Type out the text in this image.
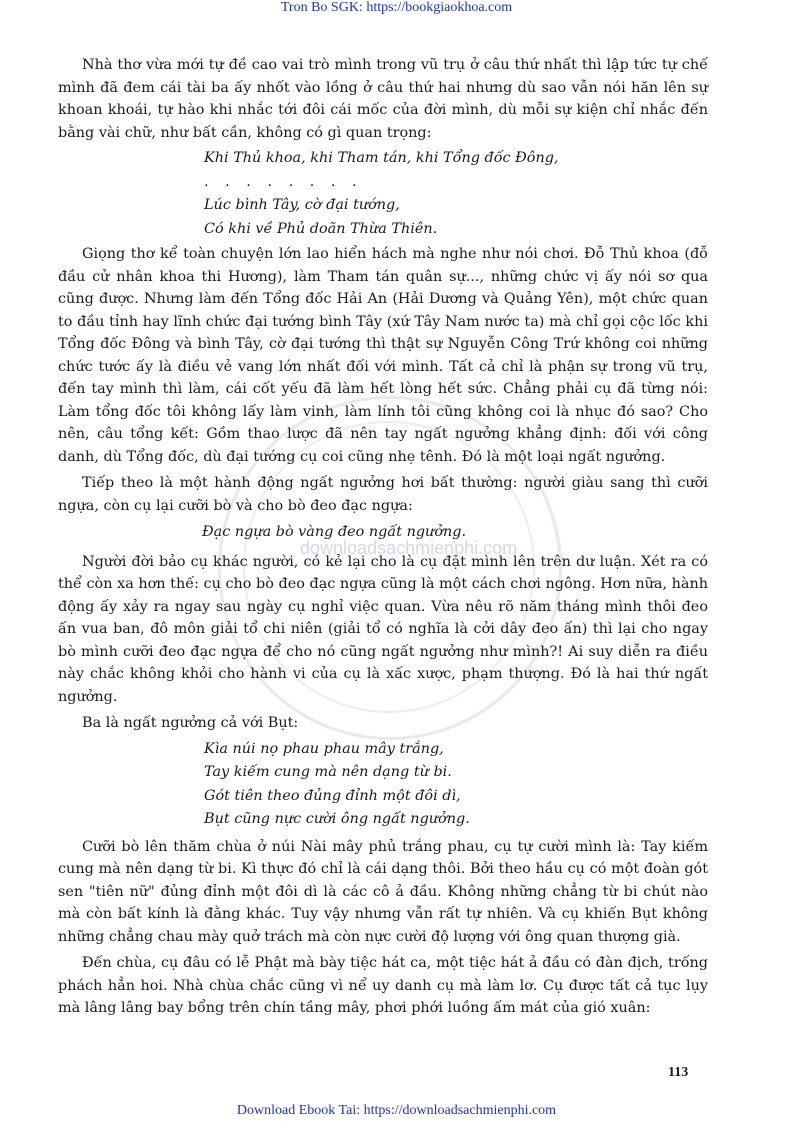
Tron Bo SGK: https://bookgiaokhoa.com
downloadsachmienphi.com

Nhà thơ vừa mới tự đề cao vai trò mình trong vũ trụ ở câu thứ nhất thì lập tức tự chế mình đã đem cái tài ba ấy nhốt vào lồng ở câu thứ hai nhưng dù sao vẫn nói hăn lên sự khoan khoái, tự hào khi nhắc tới đôi cái mốc của đời mình, dù mỗi sự kiện chỉ nhắc đến bằng vài chữ, như bất cần, không có gì quan trọng:

Khi Thủ khoa, khi Tham tán, khi Tổng đốc Đông,
. . . . . . . .
Lúc bình Tây, cờ đại tướng,
Có khi về Phủ doãn Thừa Thiên.

Giọng thơ kể toàn chuyện lớn lao hiển hách mà nghe như nói chơi. Đỗ Thủ khoa (đỗ đầu cử nhân khoa thi Hương), làm Tham tán quân sự..., những chức vị ấy nói sơ qua cũng được. Nhưng làm đến Tổng đốc Hải An (Hải Dương và Quảng Yên), một chức quan to đầu tỉnh hay lĩnh chức đại tướng bình Tây (xứ Tây Nam nước ta) mà chỉ gọi cộc lốc khi Tổng đốc Đông và bình Tây, cờ đại tướng thì thật sự Nguyễn Công Trứ không coi những chức tước ấy là điều vẻ vang lớn nhất đối với mình. Tất cả chỉ là phận sự trong vũ trụ, đến tay mình thì làm, cái cốt yếu đã làm hết lòng hết sức. Chẳng phải cụ đã từng nói: Làm tổng đốc tôi không lấy làm vinh, làm lính tôi cũng không coi là nhục đó sao? Cho nên, câu tổng kết: Gồm thao lược đã nên tay ngất ngưởng khẳng định: đối với công danh, dù Tổng đốc, dù đại tướng cụ coi cũng nhẹ tênh. Đó là một loại ngất ngưởng.

Tiếp theo là một hành động ngất ngưởng hơi bất thường: người giàu sang thì cưỡi ngựa, còn cụ lại cưỡi bò và cho bò đeo đạc ngựa:

Đạc ngựa bò vàng đeo ngất ngưởng.

Người đời bảo cụ khác người, có kẻ lại cho là cụ đặt mình lên trên dư luận. Xét ra có thể còn xa hơn thế: cụ cho bò đeo đạc ngựa cũng là một cách chơi ngông. Hơn nữa, hành động ấy xảy ra ngay sau ngày cụ nghỉ việc quan. Vừa nêu rõ năm tháng mình thôi đeo ấn vua ban, đô môn giải tổ chi niên (giải tổ có nghĩa là cởi dây đeo ấn) thì lại cho ngay bò mình cưỡi đeo đạc ngựa để cho nó cũng ngất ngưởng như mình?! Ai suy diễn ra điều này chắc không khỏi cho hành vi của cụ là xấc xược, phạm thượng. Đó là hai thứ ngất ngưởng.

Ba là ngất ngưởng cả với Bụt:

Kìa núi nọ phau phau mây trắng,
Tay kiếm cung mà nên dạng từ bi.
Gót tiên theo đủng đỉnh một đôi dì,
Bụt cũng nực cười ông ngất ngưởng.

Cưỡi bò lên thăm chùa ở núi Nài mây phủ trắng phau, cụ tự cười mình là: Tay kiếm cung mà nên dạng từ bi. Kì thực đó chỉ là cái dạng thôi. Bởi theo hầu cụ có một đoàn gót sen "tiên nữ" đủng đỉnh một đôi dì là các cô ả đầu. Không những chẳng từ bi chút nào mà còn bất kính là đằng khác. Tuy vậy nhưng vẫn rất tự nhiên. Và cụ khiến Bụt không những chẳng chau mày quở trách mà còn nực cười độ lượng với ông quan thượng già.

Đến chùa, cụ đâu có lễ Phật mà bày tiệc hát ca, một tiệc hát ả đầu có đàn địch, trống phách hẳn hoi. Nhà chùa chắc cũng vì nể uy danh cụ mà làm lơ. Cụ được tất cả tục lụy mà lâng lâng bay bổng trên chín tầng mây, phơi phới luồng ấm mát của gió xuân:

113
Download Ebook Tai: https://downloadsachmienphi.com
